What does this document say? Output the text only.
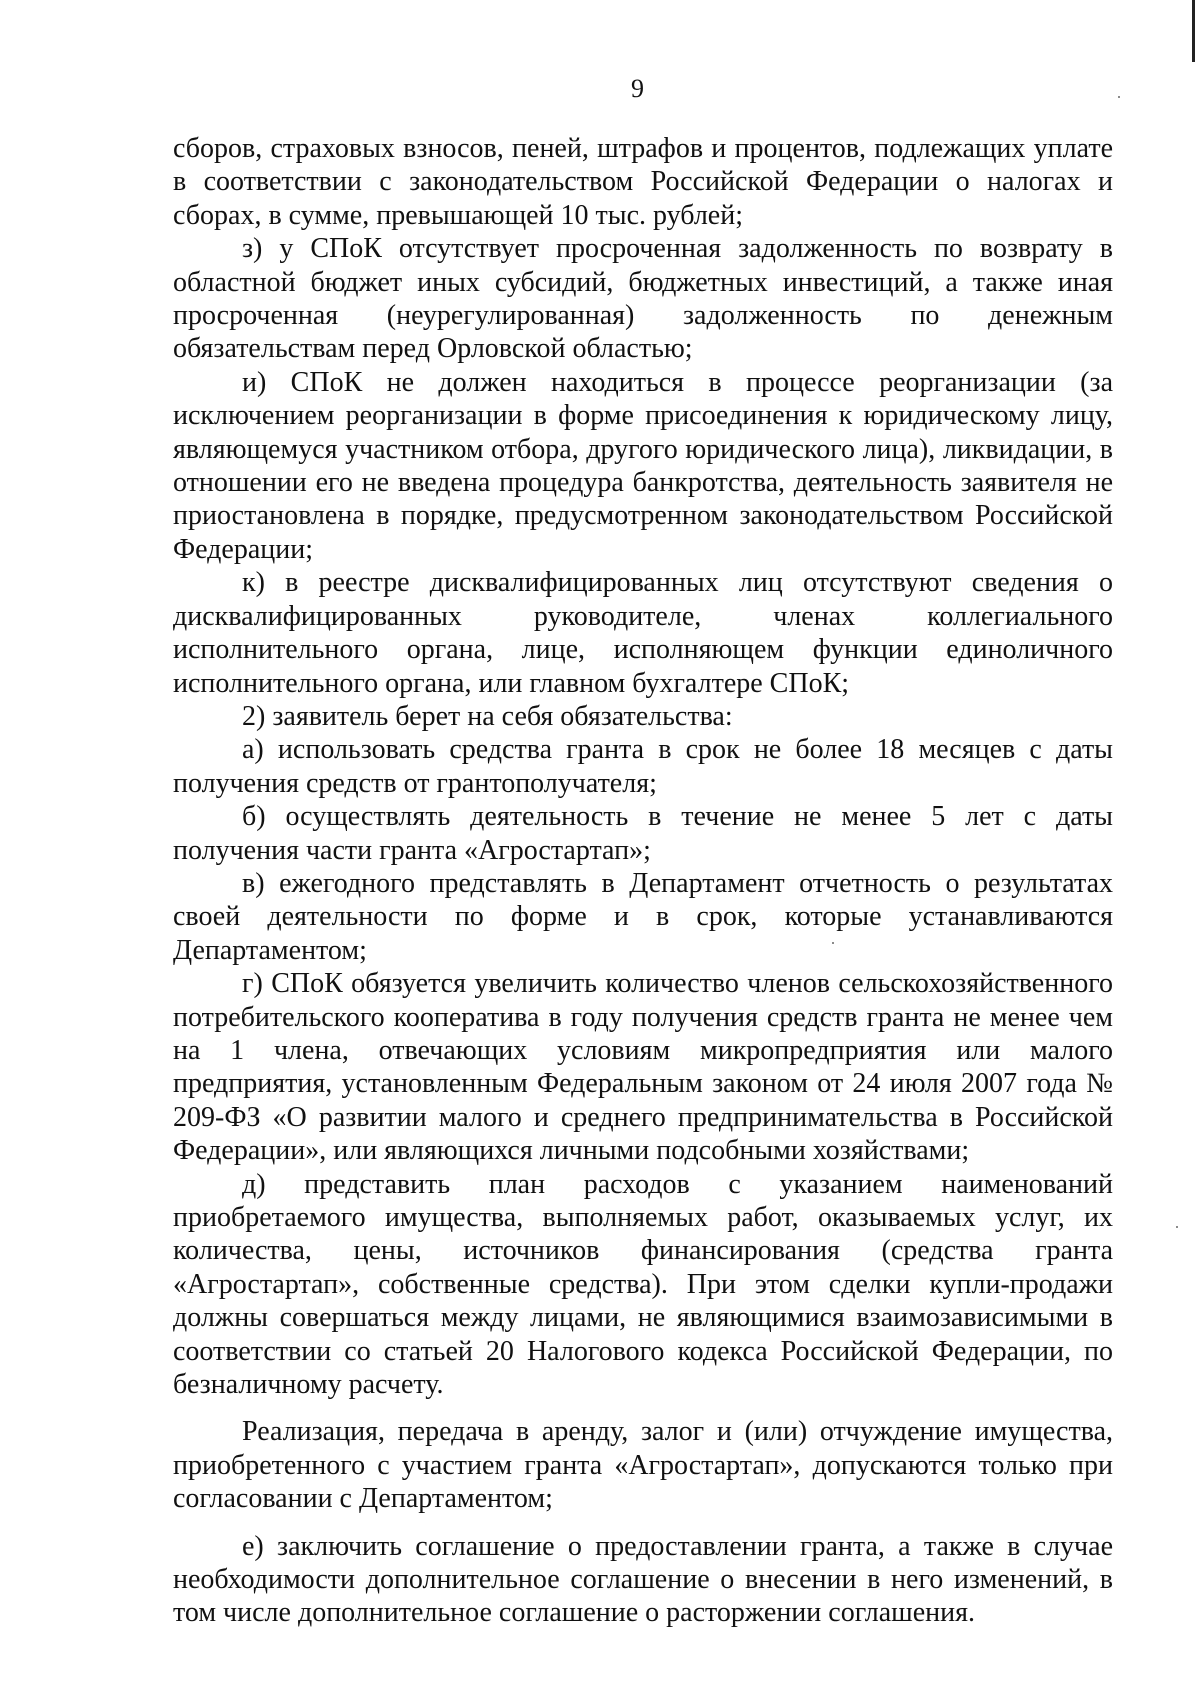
9

сборов, страховых взносов, пеней, штрафов и процентов, подлежащих уплате в соответствии с законодательством Российской Федерации о налогах и сборах, в сумме, превышающей 10 тыс. рублей;

з) у СПоК отсутствует просроченная задолженность по возврату в областной бюджет иных субсидий, бюджетных инвестиций, а также иная просроченная (неурегулированная) задолженность по денежным обязательствам перед Орловской областью;

и) СПоК не должен находиться в процессе реорганизации (за исключением реорганизации в форме присоединения к юридическому лицу, являющемуся участником отбора, другого юридического лица), ликвидации, в отношении его не введена процедура банкротства, деятельность заявителя не приостановлена в порядке, предусмотренном законодательством Российской Федерации;

к) в реестре дисквалифицированных лиц отсутствуют сведения о дисквалифицированных руководителе, членах коллегиального исполнительного органа, лице, исполняющем функции единоличного исполнительного органа, или главном бухгалтере СПоК;

2) заявитель берет на себя обязательства:

а) использовать средства гранта в срок не более 18 месяцев с даты получения средств от грантополучателя;

б) осуществлять деятельность в течение не менее 5 лет с даты получения части гранта «Агростартап»;

в) ежегодного представлять в Департамент отчетность о результатах своей деятельности по форме и в срок, которые устанавливаются Департаментом;

г) СПоК обязуется увеличить количество членов сельскохозяйственного потребительского кооператива в году получения средств гранта не менее чем на 1 члена, отвечающих условиям микропредприятия или малого предприятия, установленным Федеральным законом от 24 июля 2007 года № 209-ФЗ «О развитии малого и среднего предпринимательства в Российской Федерации», или являющихся личными подсобными хозяйствами;

д) представить план расходов с указанием наименований приобретаемого имущества, выполняемых работ, оказываемых услуг, их количества, цены, источников финансирования (средства гранта «Агростартап», собственные средства). При этом сделки купли-продажи должны совершаться между лицами, не являющимися взаимозависимыми в соответствии со статьей 20 Налогового кодекса Российской Федерации, по безналичному расчету.

Реализация, передача в аренду, залог и (или) отчуждение имущества, приобретенного с участием гранта «Агростартап», допускаются только при согласовании с Департаментом;

е) заключить соглашение о предоставлении гранта, а также в случае необходимости дополнительное соглашение о внесении в него изменений, в том числе дополнительное соглашение о расторжении соглашения.
